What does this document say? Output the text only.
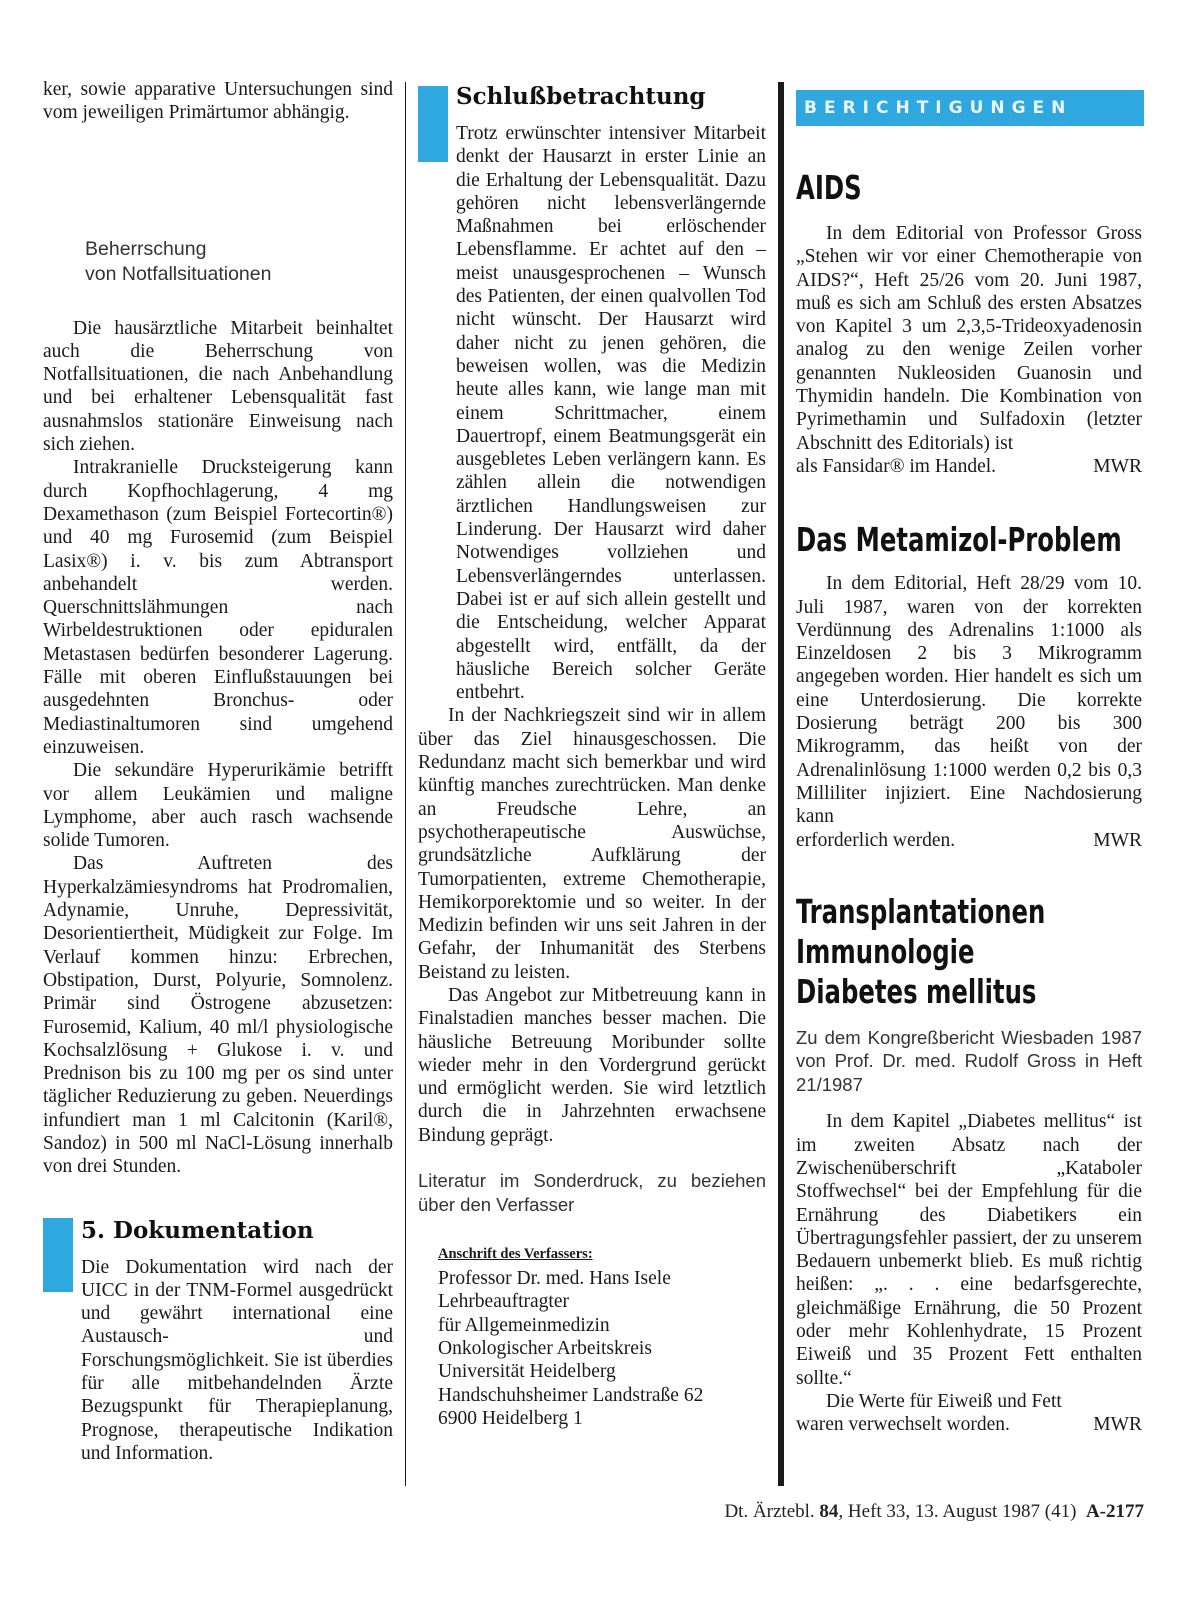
ker, sowie apparative Untersuchungen sind vom jeweiligen Primärtumor abhängig.

Beherrschung

von Notfallsituationen

Die hausärztliche Mitarbeit beinhaltet auch die Beherrschung von Notfallsituationen, die nach Anbehandlung und bei erhaltener Lebensqualität fast ausnahmslos stationäre Einweisung nach sich ziehen.

Intrakranielle Drucksteigerung kann durch Kopfhochlagerung, 4 mg Dexamethason (zum Beispiel Fortecortin®) und 40 mg Furosemid (zum Beispiel Lasix®) i. v. bis zum Abtransport anbehandelt werden. Querschnittslähmungen nach Wirbeldestruktionen oder epiduralen Metastasen bedürfen besonderer Lagerung. Fälle mit oberen Einflußstauungen bei ausgedehnten Bronchus- oder Mediastinaltumoren sind umgehend einzuweisen.

Die sekundäre Hyperurikämie betrifft vor allem Leukämien und maligne Lymphome, aber auch rasch wachsende solide Tumoren.

Das Auftreten des Hyperkalzämiesyndroms hat Prodromalien, Adynamie, Unruhe, Depressivität, Desorientiertheit, Müdigkeit zur Folge. Im Verlauf kommen hinzu: Erbrechen, Obstipation, Durst, Polyurie, Somnolenz. Primär sind Östrogene abzusetzen: Furosemid, Kalium, 40 ml/l physiologische Kochsalzlösung + Glukose i. v. und Prednison bis zu 100 mg per os sind unter täglicher Reduzierung zu geben. Neuerdings infundiert man 1 ml Calcitonin (Karil®, Sandoz) in 500 ml NaCl-Lösung innerhalb von drei Stunden.

5. Dokumentation

Die Dokumentation wird nach der UICC in der TNM-Formel ausgedrückt und gewährt international eine Austausch- und Forschungsmöglichkeit. Sie ist überdies für alle mitbehandelnden Ärzte Bezugspunkt für Therapieplanung, Prognose, therapeutische Indikation und Information.

Schlußbetrachtung

Trotz erwünschter intensiver Mitarbeit denkt der Hausarzt in erster Linie an die Erhaltung der Lebensqualität. Dazu gehören nicht lebensverlängernde Maßnahmen bei erlöschender Lebensflamme. Er achtet auf den – meist unausgesprochenen – Wunsch des Patienten, der einen qualvollen Tod nicht wünscht. Der Hausarzt wird daher nicht zu jenen gehören, die beweisen wollen, was die Medizin heute alles kann, wie lange man mit einem Schrittmacher, einem Dauertropf, einem Beatmungsgerät ein ausgebletes Leben verlängern kann. Es zählen allein die notwendigen ärztlichen Handlungsweisen zur Linderung. Der Hausarzt wird daher Notwendiges vollziehen und Lebensverlängerndes unterlassen. Dabei ist er auf sich allein gestellt und die Entscheidung, welcher Apparat abgestellt wird, entfällt, da der häusliche Bereich solcher Geräte entbehrt.

In der Nachkriegszeit sind wir in allem über das Ziel hinausgeschossen. Die Redundanz macht sich bemerkbar und wird künftig manches zurechtrücken. Man denke an Freudsche Lehre, an psychotherapeutische Auswüchse, grundsätzliche Aufklärung der Tumorpatienten, extreme Chemotherapie, Hemikorporektomie und so weiter. In der Medizin befinden wir uns seit Jahren in der Gefahr, der Inhumanität des Sterbens Beistand zu leisten.

Das Angebot zur Mitbetreuung kann in Finalstadien manches besser machen. Die häusliche Betreuung Moribunder sollte wieder mehr in den Vordergrund gerückt und ermöglicht werden. Sie wird letztlich durch die in Jahrzehnten erwachsene Bindung geprägt.

Literatur im Sonderdruck, zu beziehen über den Verfasser

Anschrift des Verfassers:

Professor Dr. med. Hans Isele

Lehrbeauftragter

für Allgemeinmedizin

Onkologischer Arbeitskreis

Universität Heidelberg

Handschuhsheimer Landstraße 62

6900 Heidelberg 1

BERICHTIGUNGEN
AIDS

In dem Editorial von Professor Gross „Stehen wir vor einer Chemotherapie von AIDS?“, Heft 25/26 vom 20. Juni 1987, muß es sich am Schluß des ersten Absatzes von Kapitel 3 um 2,3,5-Trideoxyadenosin analog zu den wenige Zeilen vorher genannten Nukleosiden Guanosin und Thymidin handeln. Die Kombination von Pyrimethamin und Sulfadoxin (letzter Abschnitt des Editorials) ist

als Fansidar® im Handel.	MWR

Das Metamizol-Problem

In dem Editorial, Heft 28/29 vom 10. Juli 1987, waren von der korrekten Verdünnung des Adrenalins 1:1000 als Einzeldosen 2 bis 3 Mikrogramm angegeben worden. Hier handelt es sich um eine Unterdosierung. Die korrekte Dosierung beträgt 200 bis 300 Mikrogramm, das heißt von der Adrenalinlösung 1:1000 werden 0,2 bis 0,3 Milliliter injiziert. Eine Nachdosierung kann

erforderlich werden.	MWR

Transplantationen
Immunologie
Diabetes mellitus

Zu dem Kongreßbericht Wiesbaden 1987 von Prof. Dr. med. Rudolf Gross in Heft 21/1987

In dem Kapitel „Diabetes mellitus“ ist im zweiten Absatz nach der Zwischenüberschrift „Kataboler Stoffwechsel“ bei der Empfehlung für die Ernährung des Diabetikers ein Übertragungsfehler passiert, der zu unserem Bedauern unbemerkt blieb. Es muß richtig heißen: „. . . eine bedarfsgerechte, gleichmäßige Ernährung, die 50 Prozent oder mehr Kohlenhydrate, 15 Prozent Eiweiß und 35 Prozent Fett enthalten sollte.“

Die Werte für Eiweiß und Fett

waren verwechselt worden.	MWR

Dt. Ärztebl. 84, Heft 33, 13. August 1987 (41) A-2177
